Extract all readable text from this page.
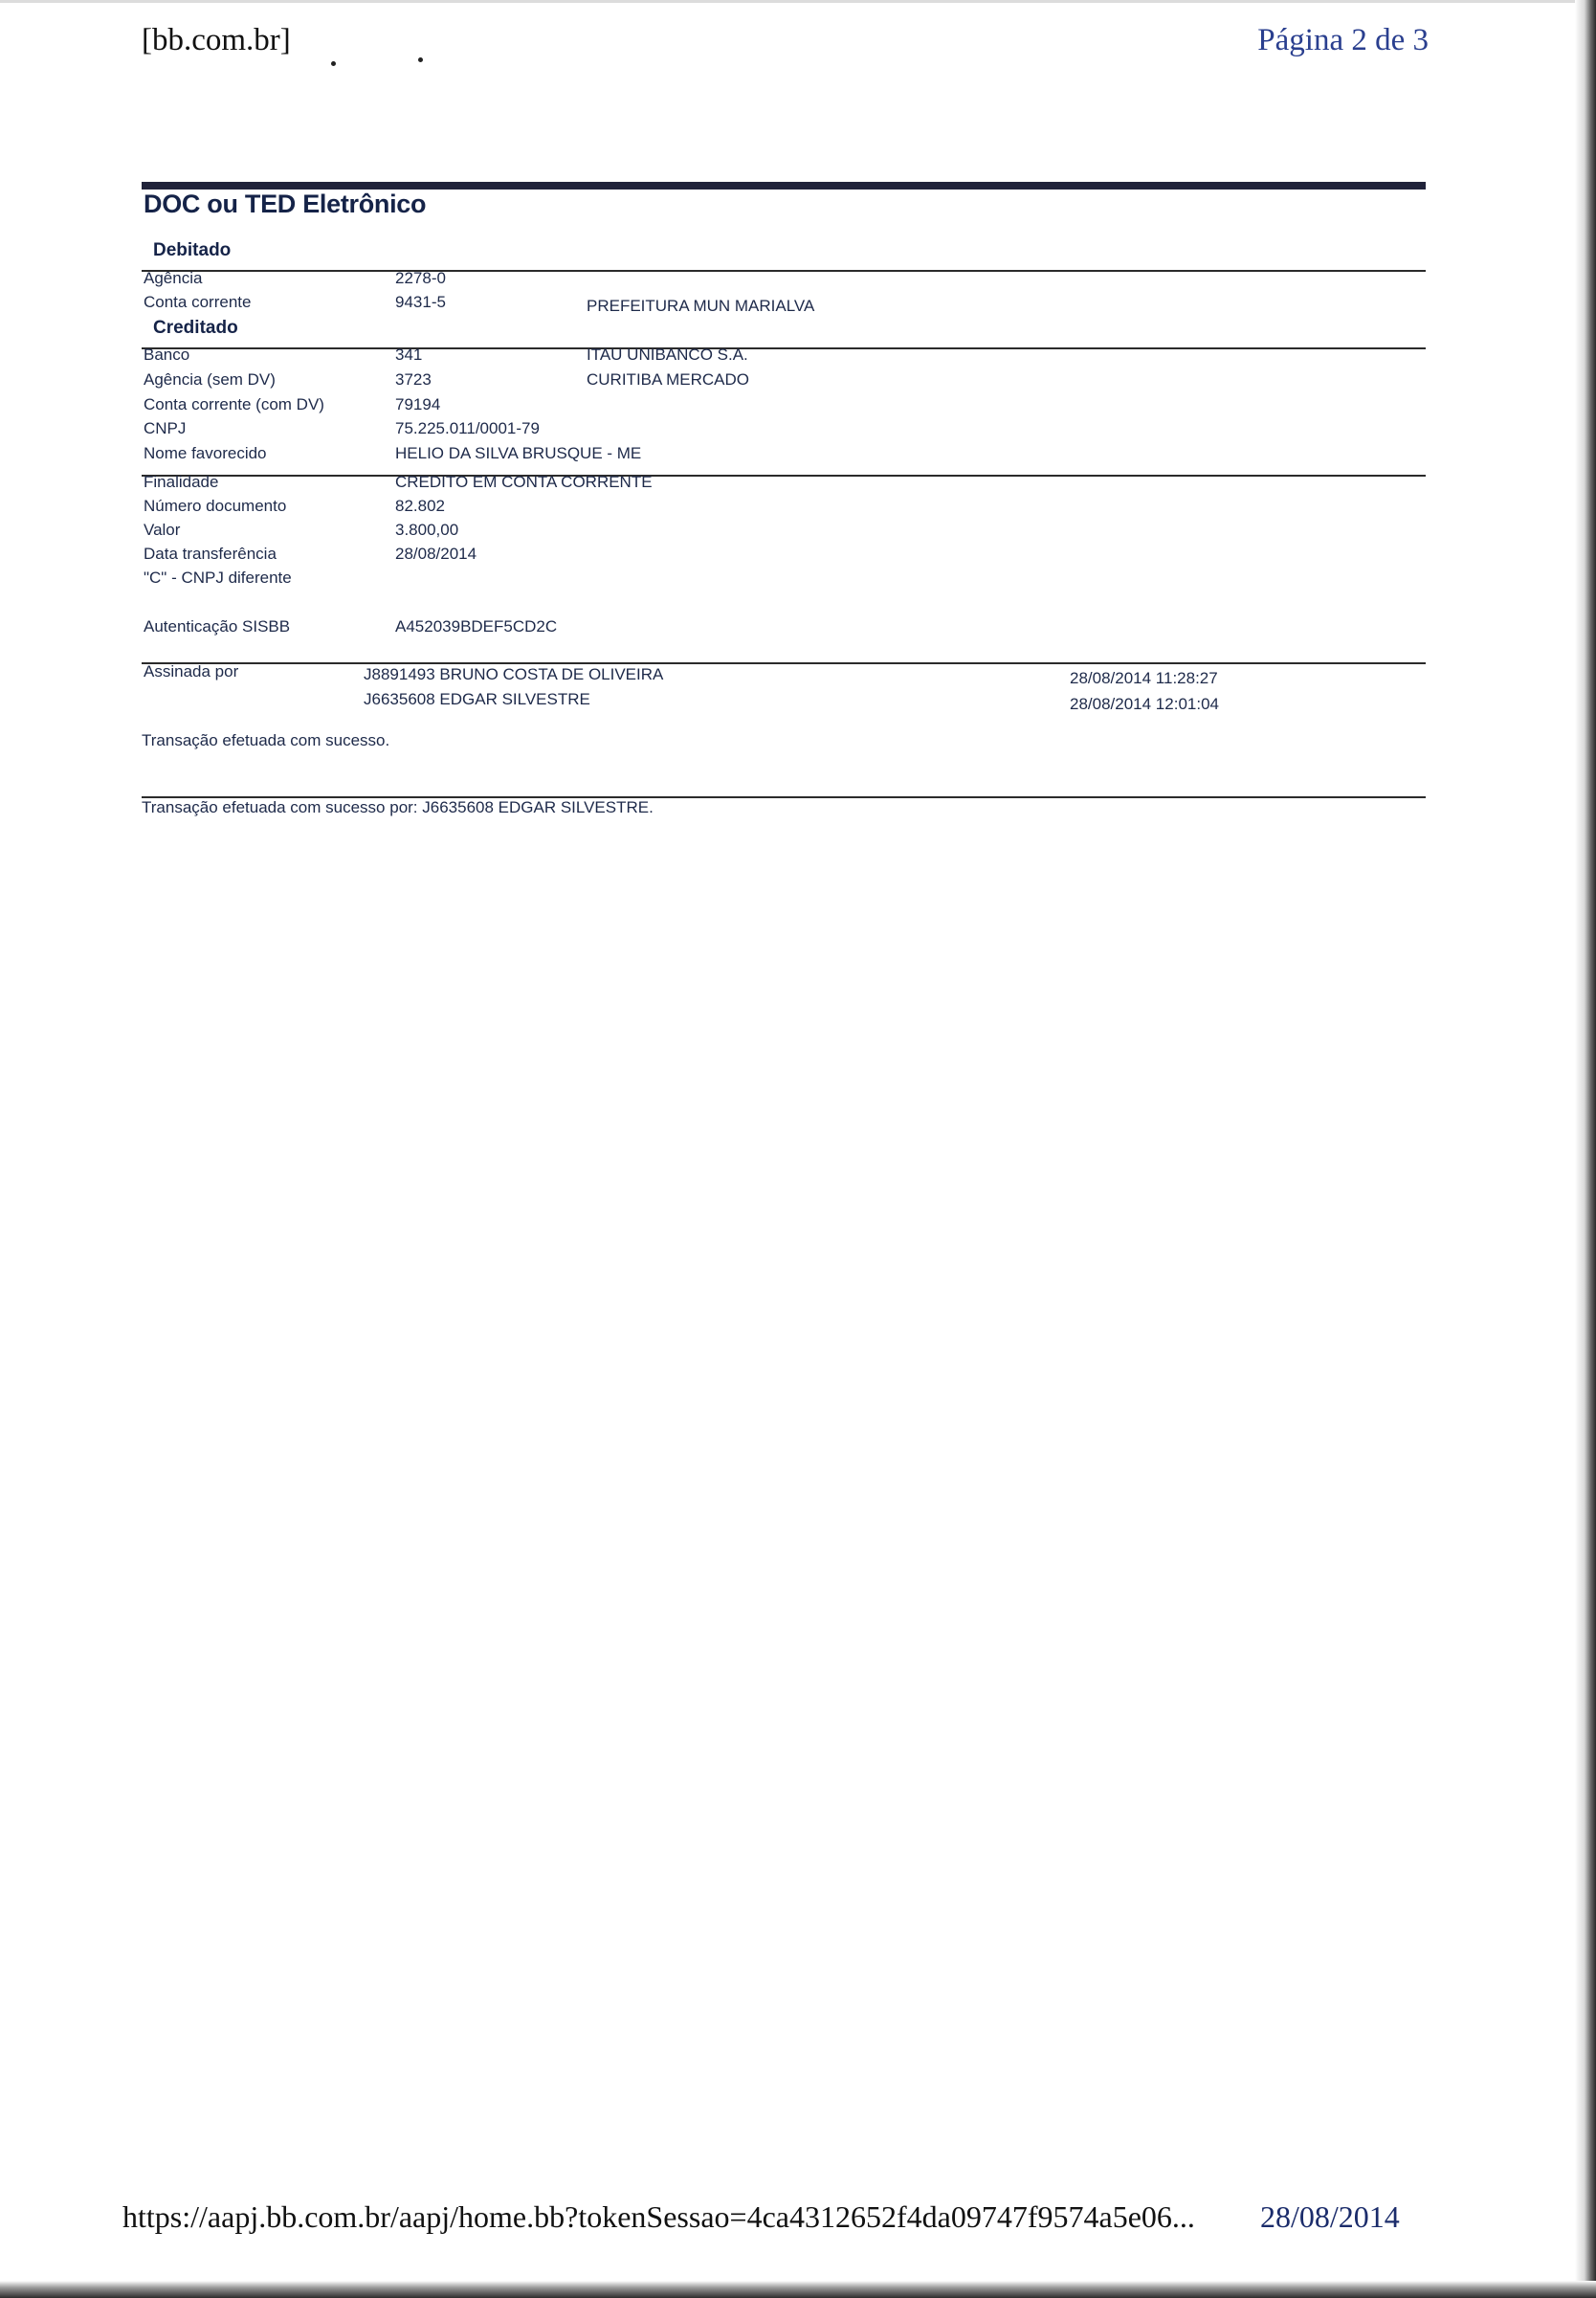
[bb.com.br]	Página 2 de 3
DOC ou TED Eletrônico
Debitado
Agência	2278-0
Conta corrente	9431-5	PREFEITURA MUN MARIALVA
Creditado
Banco	341	ITAU UNIBANCO S.A.
Agência (sem DV)	3723	CURITIBA MERCADO
Conta corrente (com DV)	79194
CNPJ	75.225.011/0001-79
Nome favorecido	HELIO DA SILVA BRUSQUE - ME
Finalidade	CREDITO EM CONTA CORRENTE
Número documento	82.802
Valor	3.800,00
Data transferência	28/08/2014
"C" - CNPJ diferente
Autenticação SISBB	A452039BDEF5CD2C
Assinada por	J8891493 BRUNO COSTA DE OLIVEIRA	28/08/2014 11:28:27
J6635608 EDGAR SILVESTRE	28/08/2014 12:01:04
Transação efetuada com sucesso.
Transação efetuada com sucesso por: J6635608 EDGAR SILVESTRE.
https://aapj.bb.com.br/aapj/home.bb?tokenSessao=4ca4312652f4da09747f9574a5e06... 28/08/2014
